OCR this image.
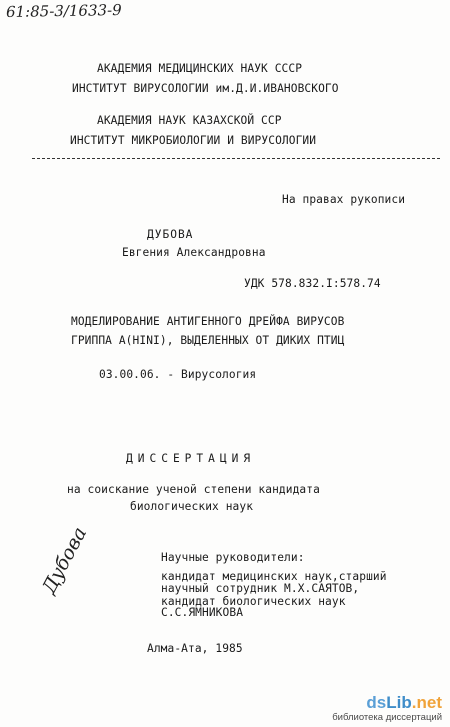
61:85-3/1633-9
АКАДЕМИЯ МЕДИЦИНСКИХ НАУК СССР
ИНСТИТУТ ВИРУСОЛОГИИ им.Д.И.ИВАНОВСКОГО
АКАДЕМИЯ НАУК КАЗАХСКОЙ ССР
ИНСТИТУТ МИКРОБИОЛОГИИ И ВИРУСОЛОГИИ
На правах рукописи
ДУБОВА
Евгения Александровна
УДК 578.832.I:578.74
МОДЕЛИРОВАНИЕ АНТИГЕННОГО ДРЕЙФА ВИРУСОВ
ГРИППА А(НINI), ВЫДЕЛЕННЫХ ОТ ДИКИХ ПТИЦ
03.00.06. - Вирусология
ДИССЕРТАЦИЯ
на соискание ученой степени кандидата
биологических наук
Научные руководители:
Дубова	кандидат медицинских наук,старший
научный сотрудник М.Х.САЯТОВ,
кандидат биологических наук
С.С.ЯМНИКОВА
Алма-Ата, 1985
dsLib.net
библиотека диссертаций
